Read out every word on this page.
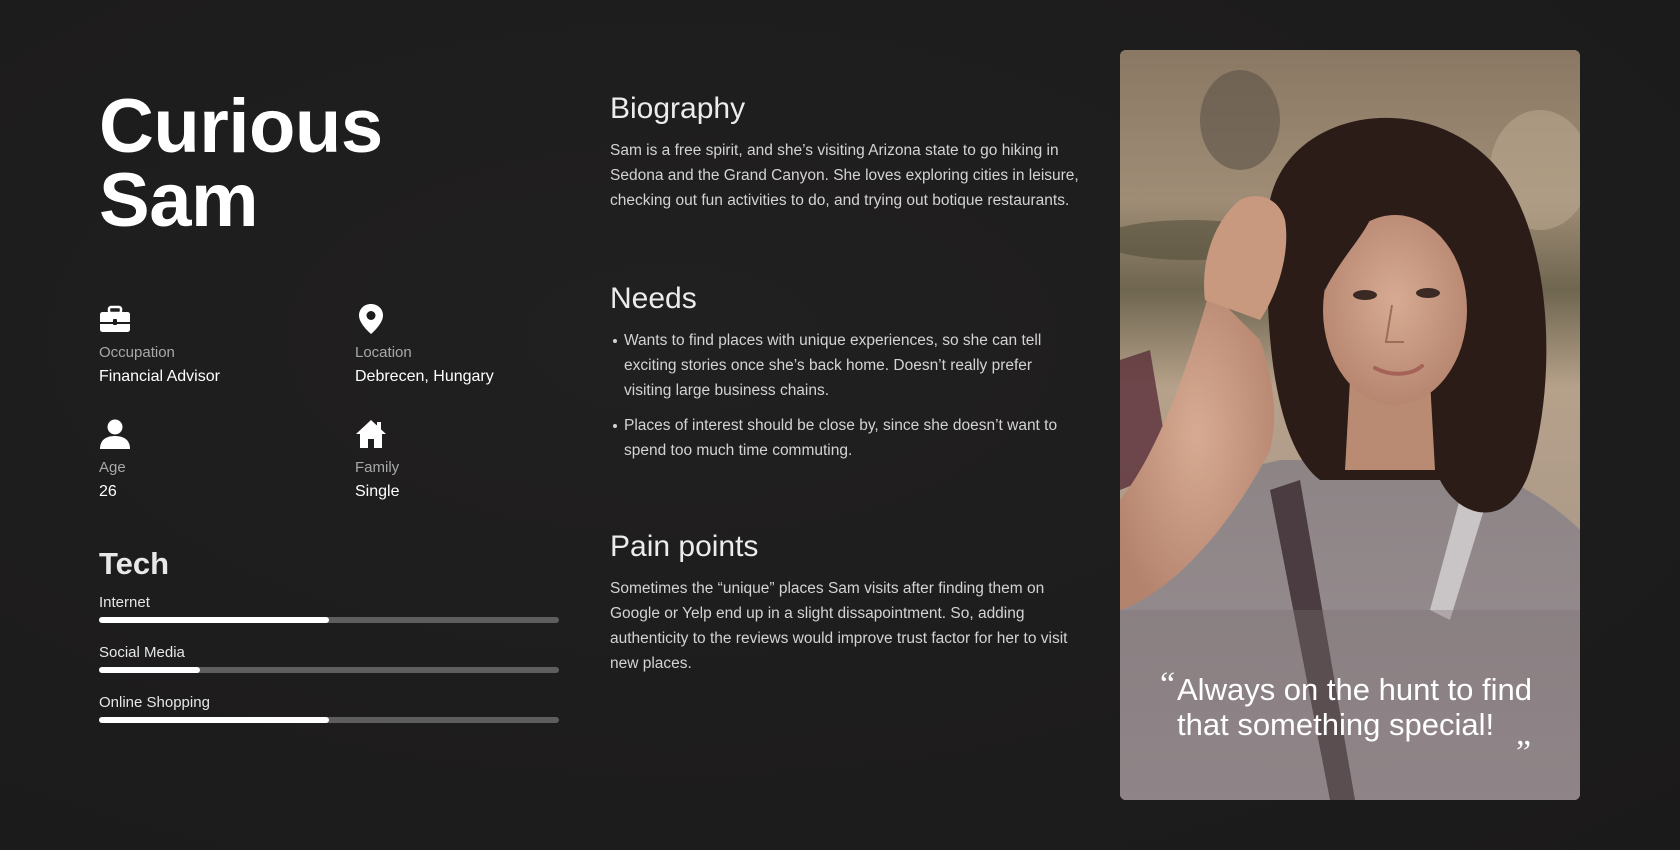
Curious
Sam
Occupation
Financial Advisor
Location
Debrecen, Hungary
Age
26
Family
Single
Tech
Internet
Social Media
Online Shopping
Biography

Sam is a free spirit, and she’s visiting Arizona state to go hiking in Sedona and the Grand Canyon. She loves exploring cities in leisure, checking out fun activities to do, and trying out botique restaurants.

Needs
Wants to find places with unique experiences, so she can tell exciting stories once she’s back home. Doesn’t really prefer visiting large business chains.
Places of interest should be close by, since she doesn’t want to spend too much time commuting.
Pain points

Sometimes the “unique” places Sam visits after finding them on Google or Yelp end up in a slight dissapointment. So, adding authenticity to the reviews would improve trust factor for her to visit new places.

“ Always on the hunt to find that something special!

”
